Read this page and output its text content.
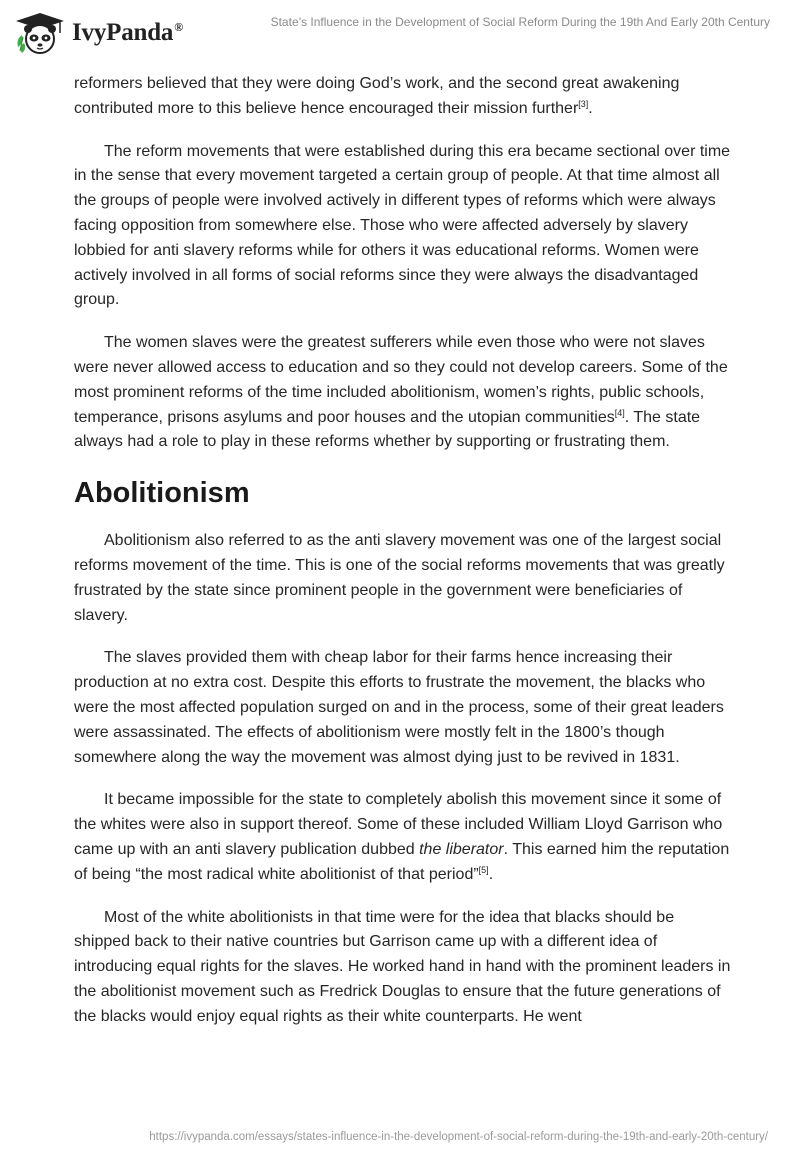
IvyPanda®	State’s Influence in the Development of Social Reform During the 19th And Early 20th Century

reformers believed that they were doing God’s work, and the second great awakening contributed more to this believe hence encouraged their mission further[3].

The reform movements that were established during this era became sectional over time in the sense that every movement targeted a certain group of people. At that time almost all the groups of people were involved actively in different types of reforms which were always facing opposition from somewhere else. Those who were affected adversely by slavery lobbied for anti slavery reforms while for others it was educational reforms. Women were actively involved in all forms of social reforms since they were always the disadvantaged group.

The women slaves were the greatest sufferers while even those who were not slaves were never allowed access to education and so they could not develop careers. Some of the most prominent reforms of the time included abolitionism, women’s rights, public schools, temperance, prisons asylums and poor houses and the utopian communities[4]. The state always had a role to play in these reforms whether by supporting or frustrating them.

Abolitionism

Abolitionism also referred to as the anti slavery movement was one of the largest social reforms movement of the time. This is one of the social reforms movements that was greatly frustrated by the state since prominent people in the government were beneficiaries of slavery.

The slaves provided them with cheap labor for their farms hence increasing their production at no extra cost. Despite this efforts to frustrate the movement, the blacks who were the most affected population surged on and in the process, some of their great leaders were assassinated. The effects of abolitionism were mostly felt in the 1800’s though somewhere along the way the movement was almost dying just to be revived in 1831.

It became impossible for the state to completely abolish this movement since it some of the whites were also in support thereof. Some of these included William Lloyd Garrison who came up with an anti slavery publication dubbed the liberator. This earned him the reputation of being “the most radical white abolitionist of that period”[5].

Most of the white abolitionists in that time were for the idea that blacks should be shipped back to their native countries but Garrison came up with a different idea of introducing equal rights for the slaves. He worked hand in hand with the prominent leaders in the abolitionist movement such as Fredrick Douglas to ensure that the future generations of the blacks would enjoy equal rights as their white counterparts. He went

https://ivypanda.com/essays/states-influence-in-the-development-of-social-reform-during-the-19th-and-early-20th-century/
